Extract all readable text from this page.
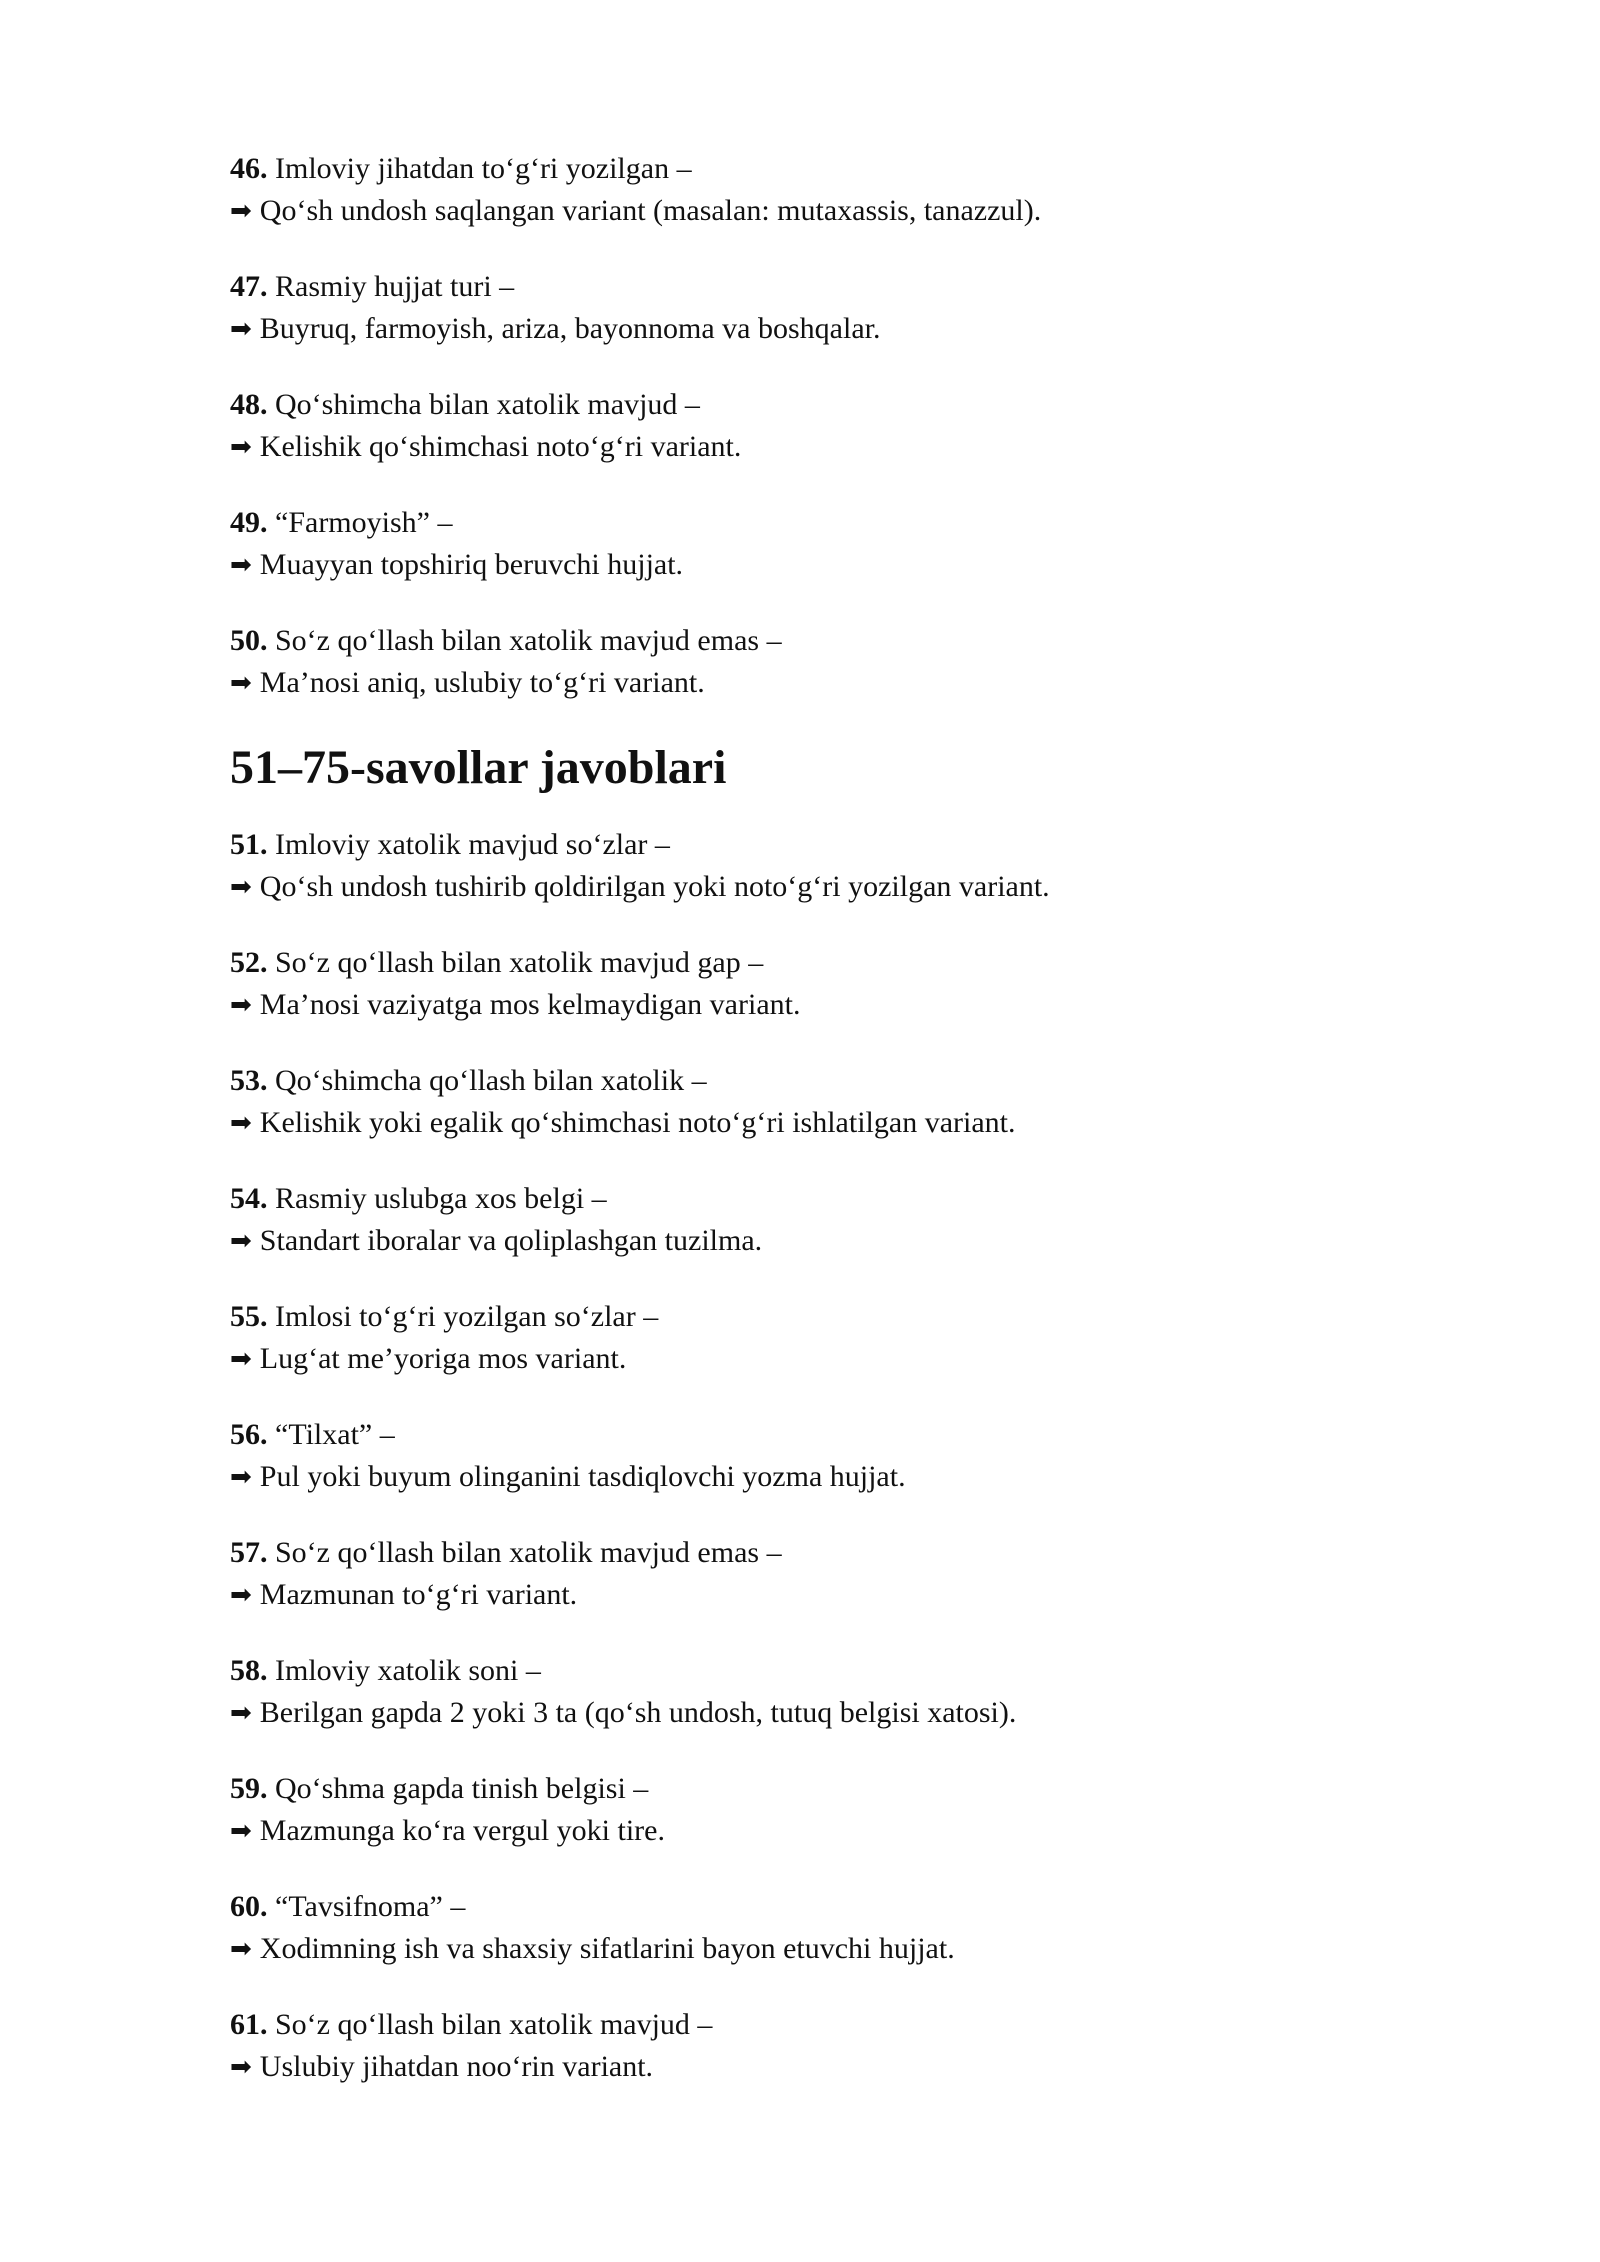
46. Imloviy jihatdan to‘g‘ri yozilgan –
➡ Qo‘sh undosh saqlangan variant (masalan: mutaxassis, tanazzul).
47. Rasmiy hujjat turi –
➡ Buyruq, farmoyish, ariza, bayonnoma va boshqalar.
48. Qo‘shimcha bilan xatolik mavjud –
➡ Kelishik qo‘shimchasi noto‘g‘ri variant.
49. “Farmoyish” –
➡ Muayyan topshiriq beruvchi hujjat.
50. So‘z qo‘llash bilan xatolik mavjud emas –
➡ Ma’nosi aniq, uslubiy to‘g‘ri variant.
51–75-savollar javoblari
51. Imloviy xatolik mavjud so‘zlar –
➡ Qo‘sh undosh tushirib qoldirilgan yoki noto‘g‘ri yozilgan variant.
52. So‘z qo‘llash bilan xatolik mavjud gap –
➡ Ma’nosi vaziyatga mos kelmaydigan variant.
53. Qo‘shimcha qo‘llash bilan xatolik –
➡ Kelishik yoki egalik qo‘shimchasi noto‘g‘ri ishlatilgan variant.
54. Rasmiy uslubga xos belgi –
➡ Standart iboralar va qoliplashgan tuzilma.
55. Imlosi to‘g‘ri yozilgan so‘zlar –
➡ Lug‘at me’yoriga mos variant.
56. “Tilxat” –
➡ Pul yoki buyum olinganini tasdiqlovchi yozma hujjat.
57. So‘z qo‘llash bilan xatolik mavjud emas –
➡ Mazmunan to‘g‘ri variant.
58. Imloviy xatolik soni –
➡ Berilgan gapda 2 yoki 3 ta (qo‘sh undosh, tutuq belgisi xatosi).
59. Qo‘shma gapda tinish belgisi –
➡ Mazmunga ko‘ra vergul yoki tire.
60. “Tavsifnoma” –
➡ Xodimning ish va shaxsiy sifatlarini bayon etuvchi hujjat.
61. So‘z qo‘llash bilan xatolik mavjud –
➡ Uslubiy jihatdan noo‘rin variant.
